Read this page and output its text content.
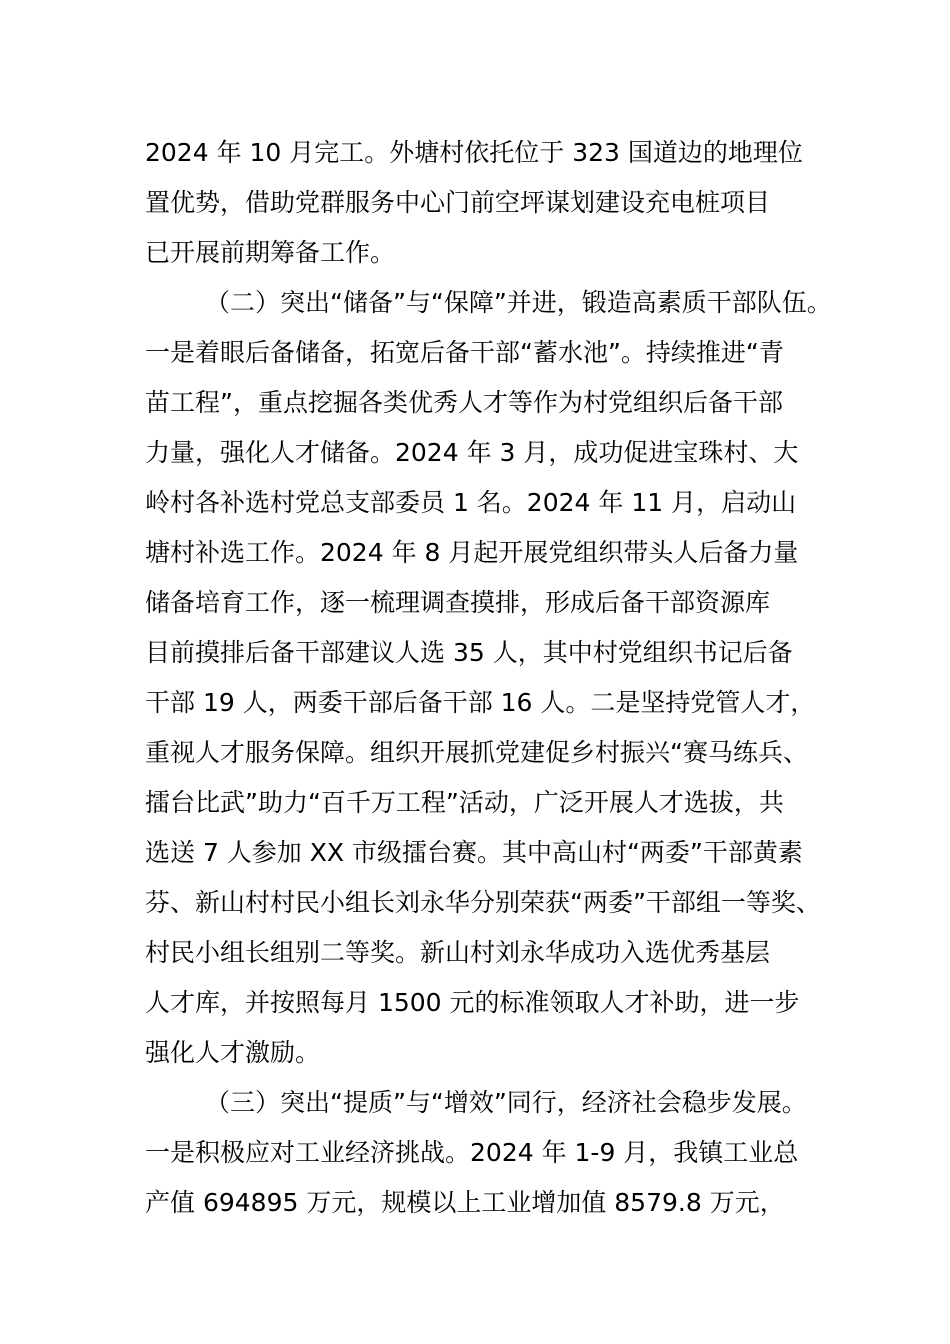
2024 年 10 月完工。外塘村依托位于 323 国道边的地理位
置优势，借助党群服务中心门前空坪谋划建设充电桩项目
已开展前期筹备工作。
（二）突出“储备”与“保障”并进，锻造高素质干部队伍。
一是着眼后备储备，拓宽后备干部“蓄水池”。持续推进“青
苗工程”，重点挖掘各类优秀人才等作为村党组织后备干部
力量，强化人才储备。2024 年 3 月，成功促进宝珠村、大
岭村各补选村党总支部委员 1 名。2024 年 11 月，启动山
塘村补选工作。2024 年 8 月起开展党组织带头人后备力量
储备培育工作，逐一梳理调查摸排，形成后备干部资源库
目前摸排后备干部建议人选 35 人，其中村党组织书记后备
干部 19 人，两委干部后备干部 16 人。二是坚持党管人才，
重视人才服务保障。组织开展抓党建促乡村振兴“赛马练兵、
擂台比武”助力“百千万工程”活动，广泛开展人才选拔，共
选送 7 人参加 XX 市级擂台赛。其中高山村“两委”干部黄素
芬、新山村村民小组长刘永华分别荣获“两委”干部组一等奖、
村民小组长组别二等奖。新山村刘永华成功入选优秀基层
人才库，并按照每月 1500 元的标准领取人才补助，进一步
强化人才激励。
（三）突出“提质”与“增效”同行，经济社会稳步发展。
一是积极应对工业经济挑战。2024 年 1-9 月，我镇工业总
产值 694895 万元，规模以上工业增加值 8579.8 万元，
